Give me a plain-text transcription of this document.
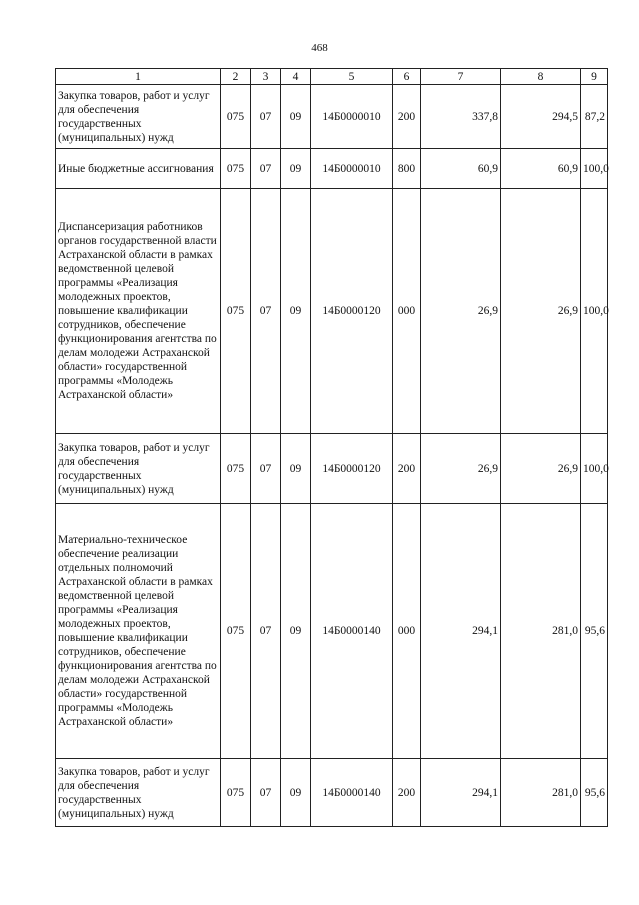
468
1	2	3	4	5	6	7	8	9
Закупка товаров, работ и услуг для обеспечения государственных (муниципальных) нужд	075	07	09	14Б0000010	200	337,8	294,5	87,2
Иные бюджетные ассигнования	075	07	09	14Б0000010	800	60,9	60,9	100,0
Диспансеризация работников органов государственной власти Астраханской области в рамках ведомственной целевой программы «Реализация молодежных проектов, повышение квалификации сотрудников, обеспечение функционирования агентства по делам молодежи Астраханской области» государственной программы «Молодежь Астраханской области»	075	07	09	14Б0000120	000	26,9	26,9	100,0
Закупка товаров, работ и услуг для обеспечения государственных (муниципальных) нужд	075	07	09	14Б0000120	200	26,9	26,9	100,0
Материально-техническое обеспечение реализации отдельных полномочий Астраханской области в рамках ведомственной целевой программы «Реализация молодежных проектов, повышение квалификации сотрудников, обеспечение функционирования агентства по делам молодежи Астраханской области» государственной программы «Молодежь Астраханской области»	075	07	09	14Б0000140	000	294,1	281,0	95,6
Закупка товаров, работ и услуг для обеспечения государственных (муниципальных) нужд	075	07	09	14Б0000140	200	294,1	281,0	95,6
